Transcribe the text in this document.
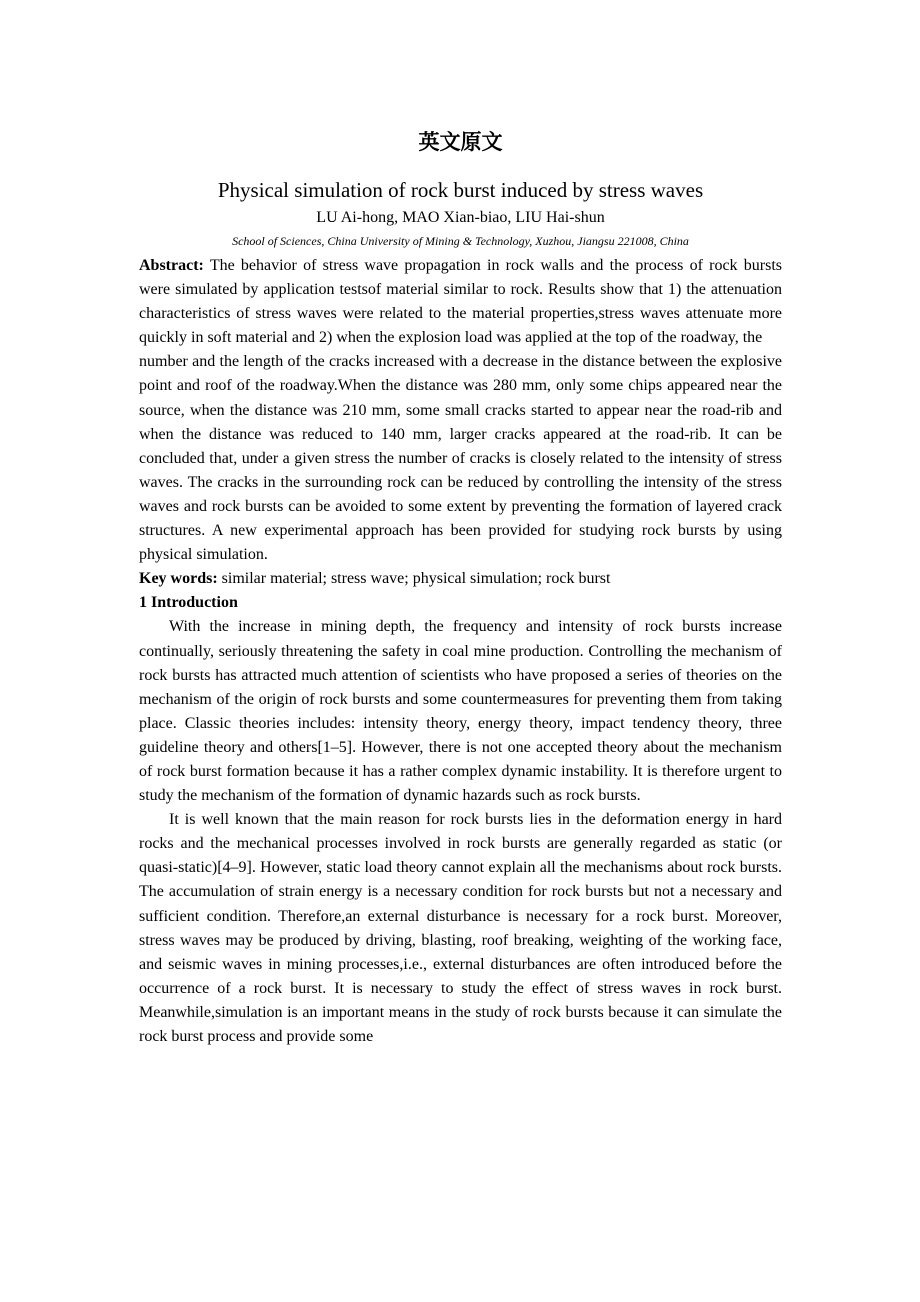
英文原文
Physical simulation of rock burst induced by stress waves
LU Ai-hong, MAO Xian-biao, LIU Hai-shun
School of Sciences, China University of Mining & Technology, Xuzhou, Jiangsu 221008, China

Abstract: The behavior of stress wave propagation in rock walls and the process of rock bursts were simulated by application testsof material similar to rock. Results show that 1) the attenuation characteristics of stress waves were related to the material properties,stress waves attenuate more quickly in soft material and 2) when the explosion load was applied at the top of the roadway, the

number and the length of the cracks increased with a decrease in the distance between the explosive point and roof of the roadway.When the distance was 280 mm, only some chips appeared near the source, when the distance was 210 mm, some small cracks started to appear near the road-rib and when the distance was reduced to 140 mm, larger cracks appeared at the road-rib. It can be concluded that, under a given stress the number of cracks is closely related to the intensity of stress waves. The cracks in the surrounding rock can be reduced by controlling the intensity of the stress waves and rock bursts can be avoided to some extent by preventing the formation of layered crack structures. A new experimental approach has been provided for studying rock bursts by using physical simulation.

Key words: similar material; stress wave; physical simulation; rock burst

1 Introduction

With the increase in mining depth, the frequency and intensity of rock bursts increase continually, seriously threatening the safety in coal mine production. Controlling the mechanism of rock bursts has attracted much attention of scientists who have proposed a series of theories on the mechanism of the origin of rock bursts and some countermeasures for preventing them from taking place. Classic theories includes: intensity theory, energy theory, impact tendency theory, three guideline theory and others[1–5]. However, there is not one accepted theory about the mechanism of rock burst formation because it has a rather complex dynamic instability. It is therefore urgent to study the mechanism of the formation of dynamic hazards such as rock bursts.

It is well known that the main reason for rock bursts lies in the deformation energy in hard rocks and the mechanical processes involved in rock bursts are generally regarded as static (or quasi-static)[4–9]. However, static load theory cannot explain all the mechanisms about rock bursts. The accumulation of strain energy is a necessary condition for rock bursts but not a necessary and sufficient condition. Therefore,an external disturbance is necessary for a rock burst. Moreover, stress waves may be produced by driving, blasting, roof breaking, weighting of the working face, and seismic waves in mining processes,i.e., external disturbances are often introduced before the occurrence of a rock burst. It is necessary to study the effect of stress waves in rock burst. Meanwhile,simulation is an important means in the study of rock bursts because it can simulate the rock burst process and provide some
